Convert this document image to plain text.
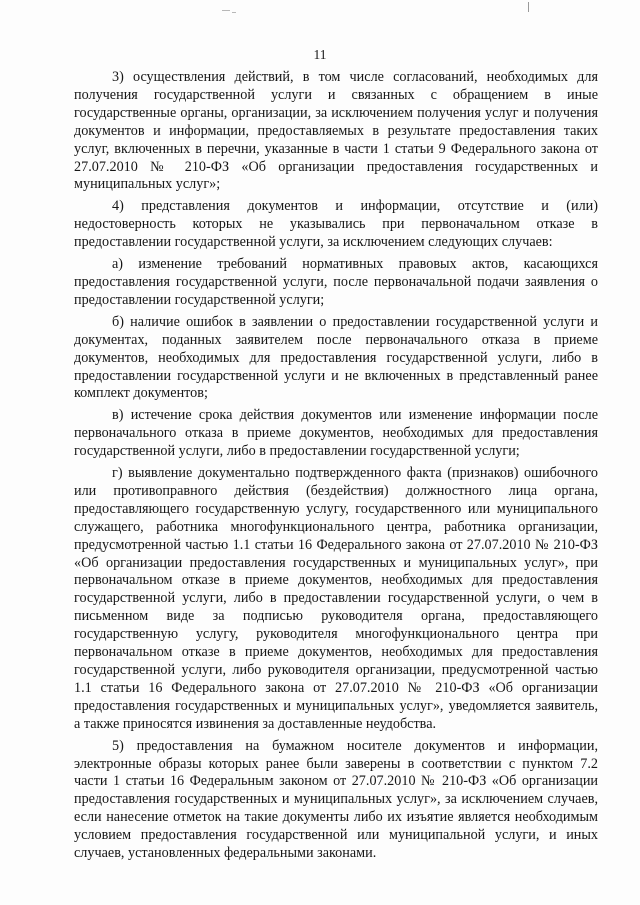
11

3) осуществления действий, в том числе согласований, необходимых для получения государственной услуги и связанных с обращением в иные государственные органы, организации, за исключением получения услуг и получения документов и информации, предоставляемых в результате предоставления таких услуг, включенных в перечни, указанные в части 1 статьи 9 Федерального закона от 27.07.2010 № 210-ФЗ «Об организации предоставления государственных и муниципальных услуг»;

4) представления документов и информации, отсутствие и (или) недостоверность которых не указывались при первоначальном отказе в предоставлении государственной услуги, за исключением следующих случаев:

а) изменение требований нормативных правовых актов, касающихся предоставления государственной услуги, после первоначальной подачи заявления о предоставлении государственной услуги;

б) наличие ошибок в заявлении о предоставлении государственной услуги и документах, поданных заявителем после первоначального отказа в приеме документов, необходимых для предоставления государственной услуги, либо в предоставлении государственной услуги и не включенных в представленный ранее комплект документов;

в) истечение срока действия документов или изменение информации после первоначального отказа в приеме документов, необходимых для предоставления государственной услуги, либо в предоставлении государственной услуги;

г) выявление документально подтвержденного факта (признаков) ошибочного или противоправного действия (бездействия) должностного лица органа, предоставляющего государственную услугу, государственного или муниципального служащего, работника многофункционального центра, работника организации, предусмотренной частью 1.1 статьи 16 Федерального закона от 27.07.2010 № 210-ФЗ «Об организации предоставления государственных и муниципальных услуг», при первоначальном отказе в приеме документов, необходимых для предоставления государственной услуги, либо в предоставлении государственной услуги, о чем в письменном виде за подписью руководителя органа, предоставляющего государственную услугу, руководителя многофункционального центра при первоначальном отказе в приеме документов, необходимых для предоставления государственной услуги, либо руководителя организации, предусмотренной частью 1.1 статьи 16 Федерального закона от 27.07.2010 № 210-ФЗ «Об организации предоставления государственных и муниципальных услуг», уведомляется заявитель, а также приносятся извинения за доставленные неудобства.

5) предоставления на бумажном носителе документов и информации, электронные образы которых ранее были заверены в соответствии с пунктом 7.2 части 1 статьи 16 Федеральным законом от 27.07.2010 № 210-ФЗ «Об организации предоставления государственных и муниципальных услуг», за исключением случаев, если нанесение отметок на такие документы либо их изъятие является необходимым условием предоставления государственной или муниципальной услуги, и иных случаев, установленных федеральными законами.
